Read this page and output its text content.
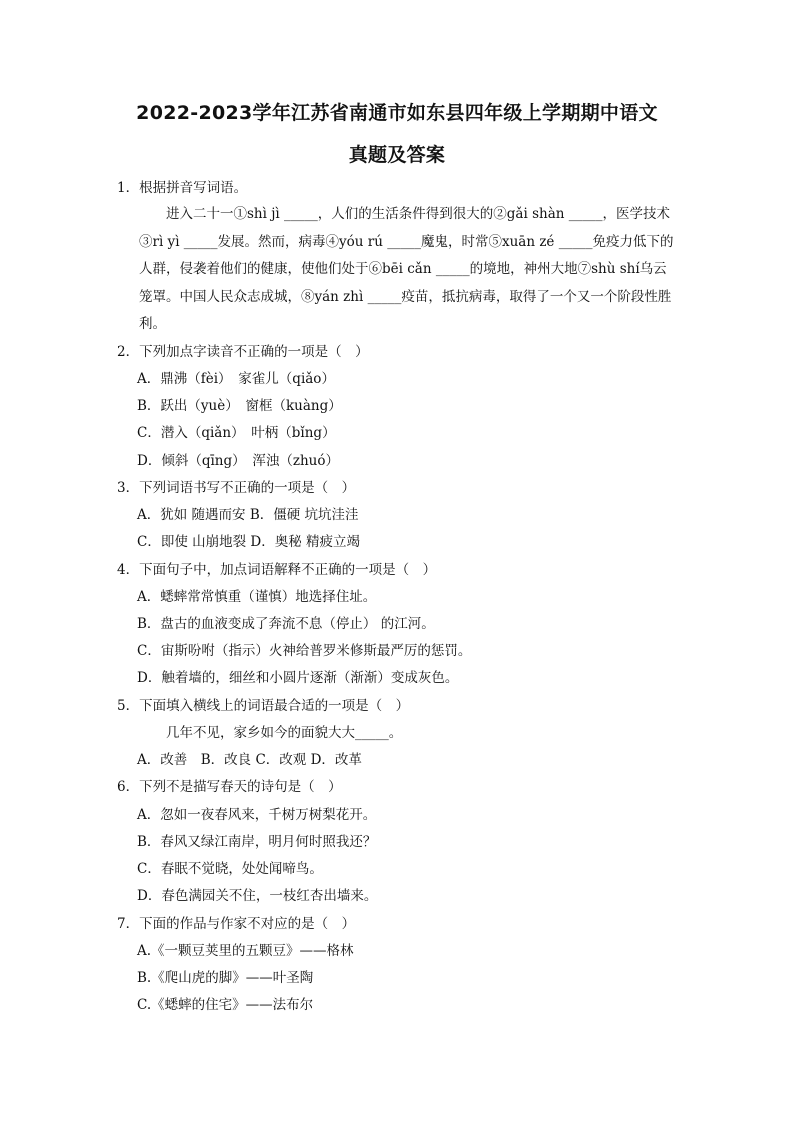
2022-2023学年江苏省南通市如东县四年级上学期期中语文
真题及答案
1．根据拼音写词语。
　　进入二十一①shì jì _____，人们的生活条件得到很大的②gǎi shàn _____，医学技术③rì yì _____发展。然而，病毒④yóu rú _____魔鬼，时常⑤xuān zé _____免疫力低下的人群，侵袭着他们的健康，使他们处于⑥bēi cǎn _____的境地，神州大地⑦shù shí乌云笼罩。中国人民众志成城，⑧yán zhì _____疫苗，抵抗病毒，取得了一个又一个阶段性胜利。
2．下列加点字读音不正确的一项是（　）
A．鼎沸（fèi）　家雀儿（qiǎo）
B．跃出（yuè）　窗框（kuàng）
C．潜入（qiǎn）　叶柄（bǐng）
D．倾斜（qīng）　浑浊（zhuó）
3．下列词语书写不正确的一项是（　）
A．犹如 随遇而安 B．僵硬 坑坑洼洼
C．即使 山崩地裂 D．奥秘 精疲立竭
4．下面句子中，加点词语解释不正确的一项是（　）
A．蟋蟀常常慎重（谨慎）地选择住址。
B．盘古的血液变成了奔流不息（停止） 的江河。
C．宙斯吩咐（指示）火神给普罗米修斯最严厉的惩罚。
D．触着墙的，细丝和小圆片逐渐（渐渐）变成灰色。
5．下面填入横线上的词语最合适的一项是（　）
几年不见，家乡如今的面貌大大_____。
A．改善　B．改良 C．改观 D．改革
6．下列不是描写春天的诗句是（　）
A．忽如一夜春风来，千树万树梨花开。
B．春风又绿江南岸，明月何时照我还？
C．春眠不觉晓，处处闻啼鸟。
D．春色满园关不住，一枝红杏出墙来。
7．下面的作品与作家不对应的是（　）
A.《一颗豆荚里的五颗豆》——格林
B.《爬山虎的脚》——叶圣陶
C.《蟋蟀的住宅》——法布尔
